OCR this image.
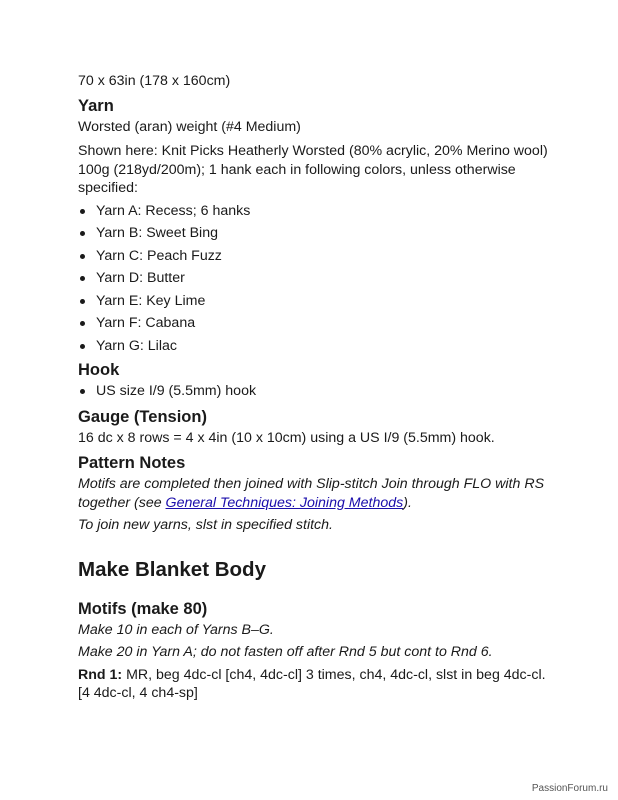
70 x 63in (178 x 160cm)

Yarn

Worsted (aran) weight (#4 Medium)

Shown here: Knit Picks Heatherly Worsted (80% acrylic, 20% Merino wool) 100g (218yd/200m); 1 hank each in following colors, unless otherwise specified:

Yarn A: Recess; 6 hanks
Yarn B: Sweet Bing
Yarn C: Peach Fuzz
Yarn D: Butter
Yarn E: Key Lime
Yarn F: Cabana
Yarn G: Lilac

Hook

US size I/9 (5.5mm) hook

Gauge (Tension)

16 dc x 8 rows = 4 x 4in (10 x 10cm) using a US I/9 (5.5mm) hook.

Pattern Notes

Motifs are completed then joined with Slip-stitch Join through FLO with RS together (see General Techniques: Joining Methods).

To join new yarns, slst in specified stitch.

Make Blanket Body

Motifs (make 80)

Make 10 in each of Yarns B–G.

Make 20 in Yarn A; do not fasten off after Rnd 5 but cont to Rnd 6.

Rnd 1: MR, beg 4dc-cl [ch4, 4dc-cl] 3 times, ch4, 4dc-cl, slst in beg 4dc-cl. [4 4dc-cl, 4 ch4-sp]

PassionForum.ru
